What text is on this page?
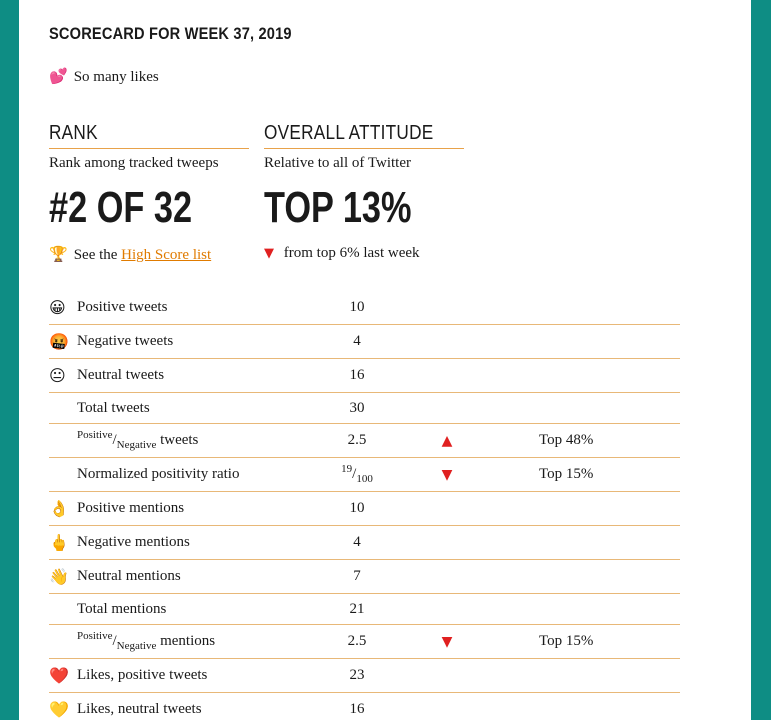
SCORECARD FOR WEEK 37, 2019
💕 So many likes
RANK
Rank among tracked tweeps
#2 OF 32
🏆 See the High Score list
OVERALL ATTITUDE
Relative to all of Twitter
TOP 13%
▼ from top 6% last week
😀	Positive tweets	10		
🤬	Negative tweets	4		
😐	Neutral tweets	16		
	Total tweets	30		
	$^{Positive}/_{Negative}$ tweets	2.5	▲	Top 48%
	Normalized positivity ratio	$^{19}/_{100}$	▼	Top 15%
👌	Positive mentions	10		
🖕	Negative mentions	4		
👋	Neutral mentions	7		
	Total mentions	21		
	$^{Positive}/_{Negative}$ mentions	2.5	▼	Top 15%
❤️	Likes, positive tweets	23		
💛	Likes, neutral tweets	16		
